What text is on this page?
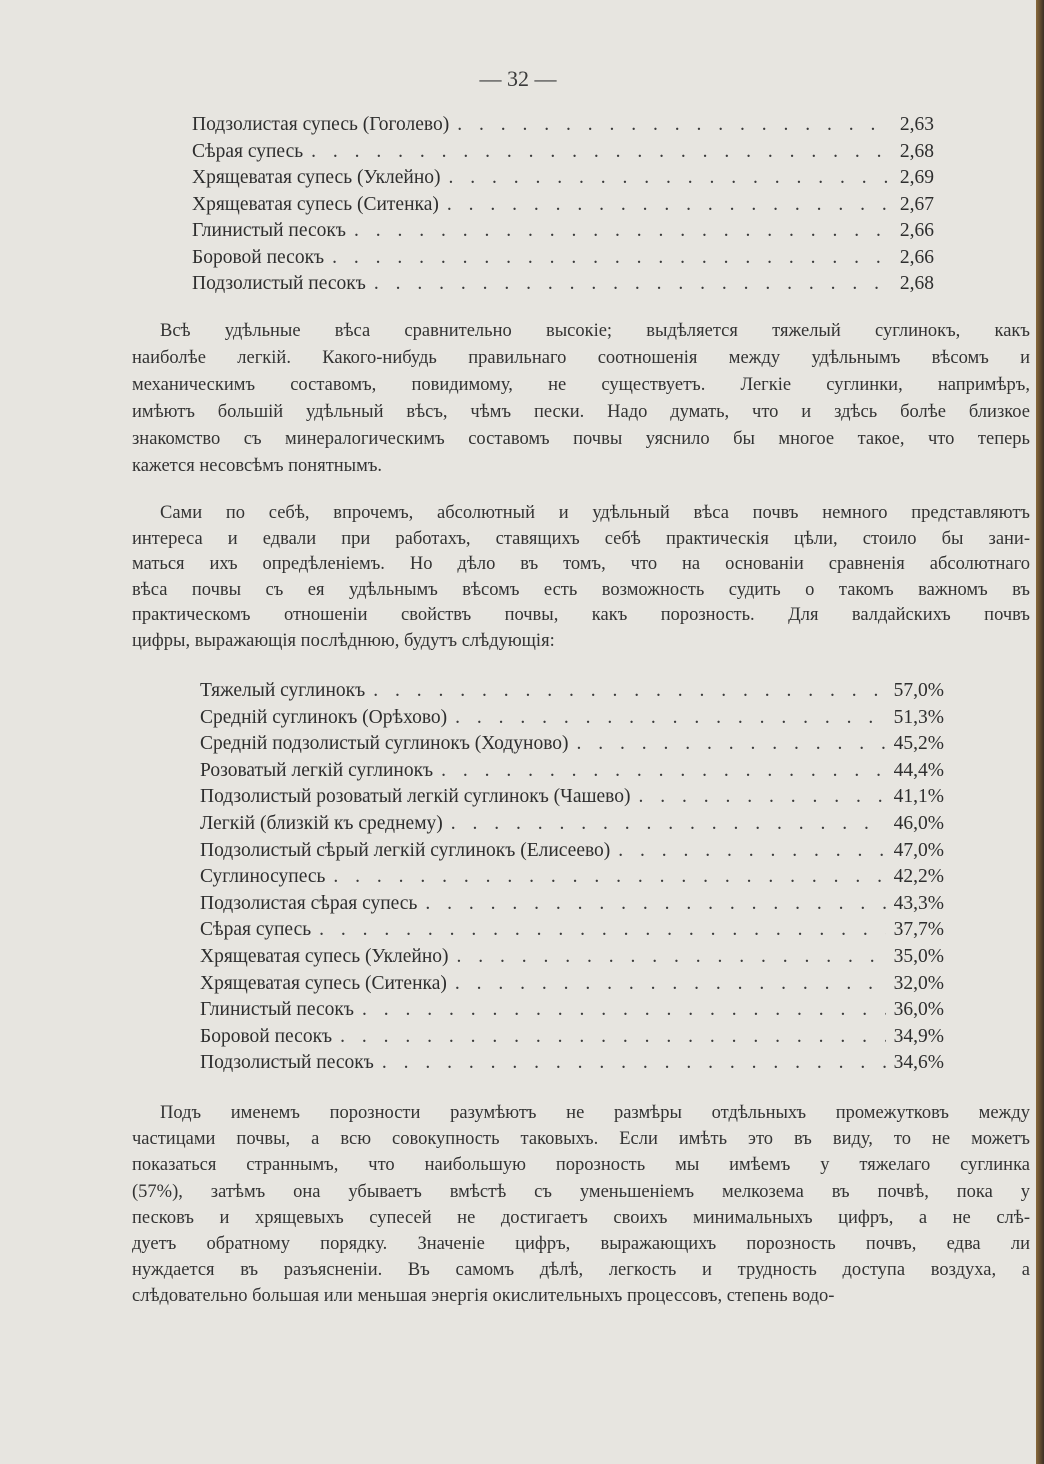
— 32 —
Подзолистая супесь (Гоголево) . . .	2,63
Сѣрая супесь . . .	2,68
Хрящеватая супесь (Уклейно) . . .	2,69
Хрящеватая супесь (Ситенка) . . .	2,67
Глинистый песокъ . . .	2,66
Боровой песокъ . . .	2,66
Подзолистый песокъ . . .	2,68
Всѣ удѣльные вѣса сравнительно высокіе; выдѣляется тяжелый суглинокъ, какъ
наиболѣе легкій. Какого-нибудь правильнаго соотношенія между удѣльнымъ вѣсомъ и
механическимъ составомъ, повидимому, не существуетъ. Легкіе суглинки, напримѣръ,
имѣютъ большій удѣльный вѣсъ, чѣмъ пески. Надо думать, что и здѣсь болѣе близкое
знакомство съ минералогическимъ составомъ почвы уяснило бы многое такое, что теперь
кажется несовсѣмъ понятнымъ.
Сами по себѣ, впрочемъ, абсолютный и удѣльный вѣса почвъ немного представляютъ
интереса и едвали при работахъ, ставящихъ себѣ практическія цѣли, стоило бы зани-
маться ихъ опредѣленіемъ. Но дѣло въ томъ, что на основаніи сравненія абсолютнаго
вѣса почвы съ ея удѣльнымъ вѣсомъ есть возможность судить о такомъ важномъ въ
практическомъ отношеніи свойствъ почвы, какъ порозность. Для валдайскихъ почвъ
цифры, выражающія послѣднюю, будутъ слѣдующія:
Тяжелый суглинокъ . . .	57,0%
Средній суглинокъ (Орѣхово) . . .	51,3%
Средній подзолистый суглинокъ (Ходуново) . . .	45,2%
Розоватый легкій суглинокъ . . .	44,4%
Подзолистый розоватый легкій суглинокъ (Чашево) . . .	41,1%
Легкій (близкій къ среднему) . . .	46,0%
Подзолистый сѣрый легкій суглинокъ (Елисеево) . . .	47,0%
Суглиносупесь . . .	42,2%
Подзолистая сѣрая супесь . . .	43,3%
Сѣрая супесь . . .	37,7%
Хрящеватая супесь (Уклейно) . . .	35,0%
Хрящеватая супесь (Ситенка) . . .	32,0%
Глинистый песокъ . . .	36,0%
Боровой песокъ . . .	34,9%
Подзолистый песокъ . . .	34,6%
Подъ именемъ порозности разумѣютъ не размѣры отдѣльныхъ промежутковъ между
частицами почвы, а всю совокупность таковыхъ. Если имѣть это въ виду, то не можетъ
показаться страннымъ, что наибольшую порозность мы имѣемъ у тяжелаго суглинка
(57%), затѣмъ она убываетъ вмѣстѣ съ уменьшеніемъ мелкозема въ почвѣ, пока у
песковъ и хрящевыхъ супесей не достигаетъ своихъ минимальныхъ цифръ, а не слѣ-
дуетъ обратному порядку. Значеніе цифръ, выражающихъ порозность почвъ, едва ли
нуждается въ разъясненіи. Въ самомъ дѣлѣ, легкость и трудность доступа воздуха, а
слѣдовательно большая или меньшая энергія окислительныхъ процессовъ, степень водо-
